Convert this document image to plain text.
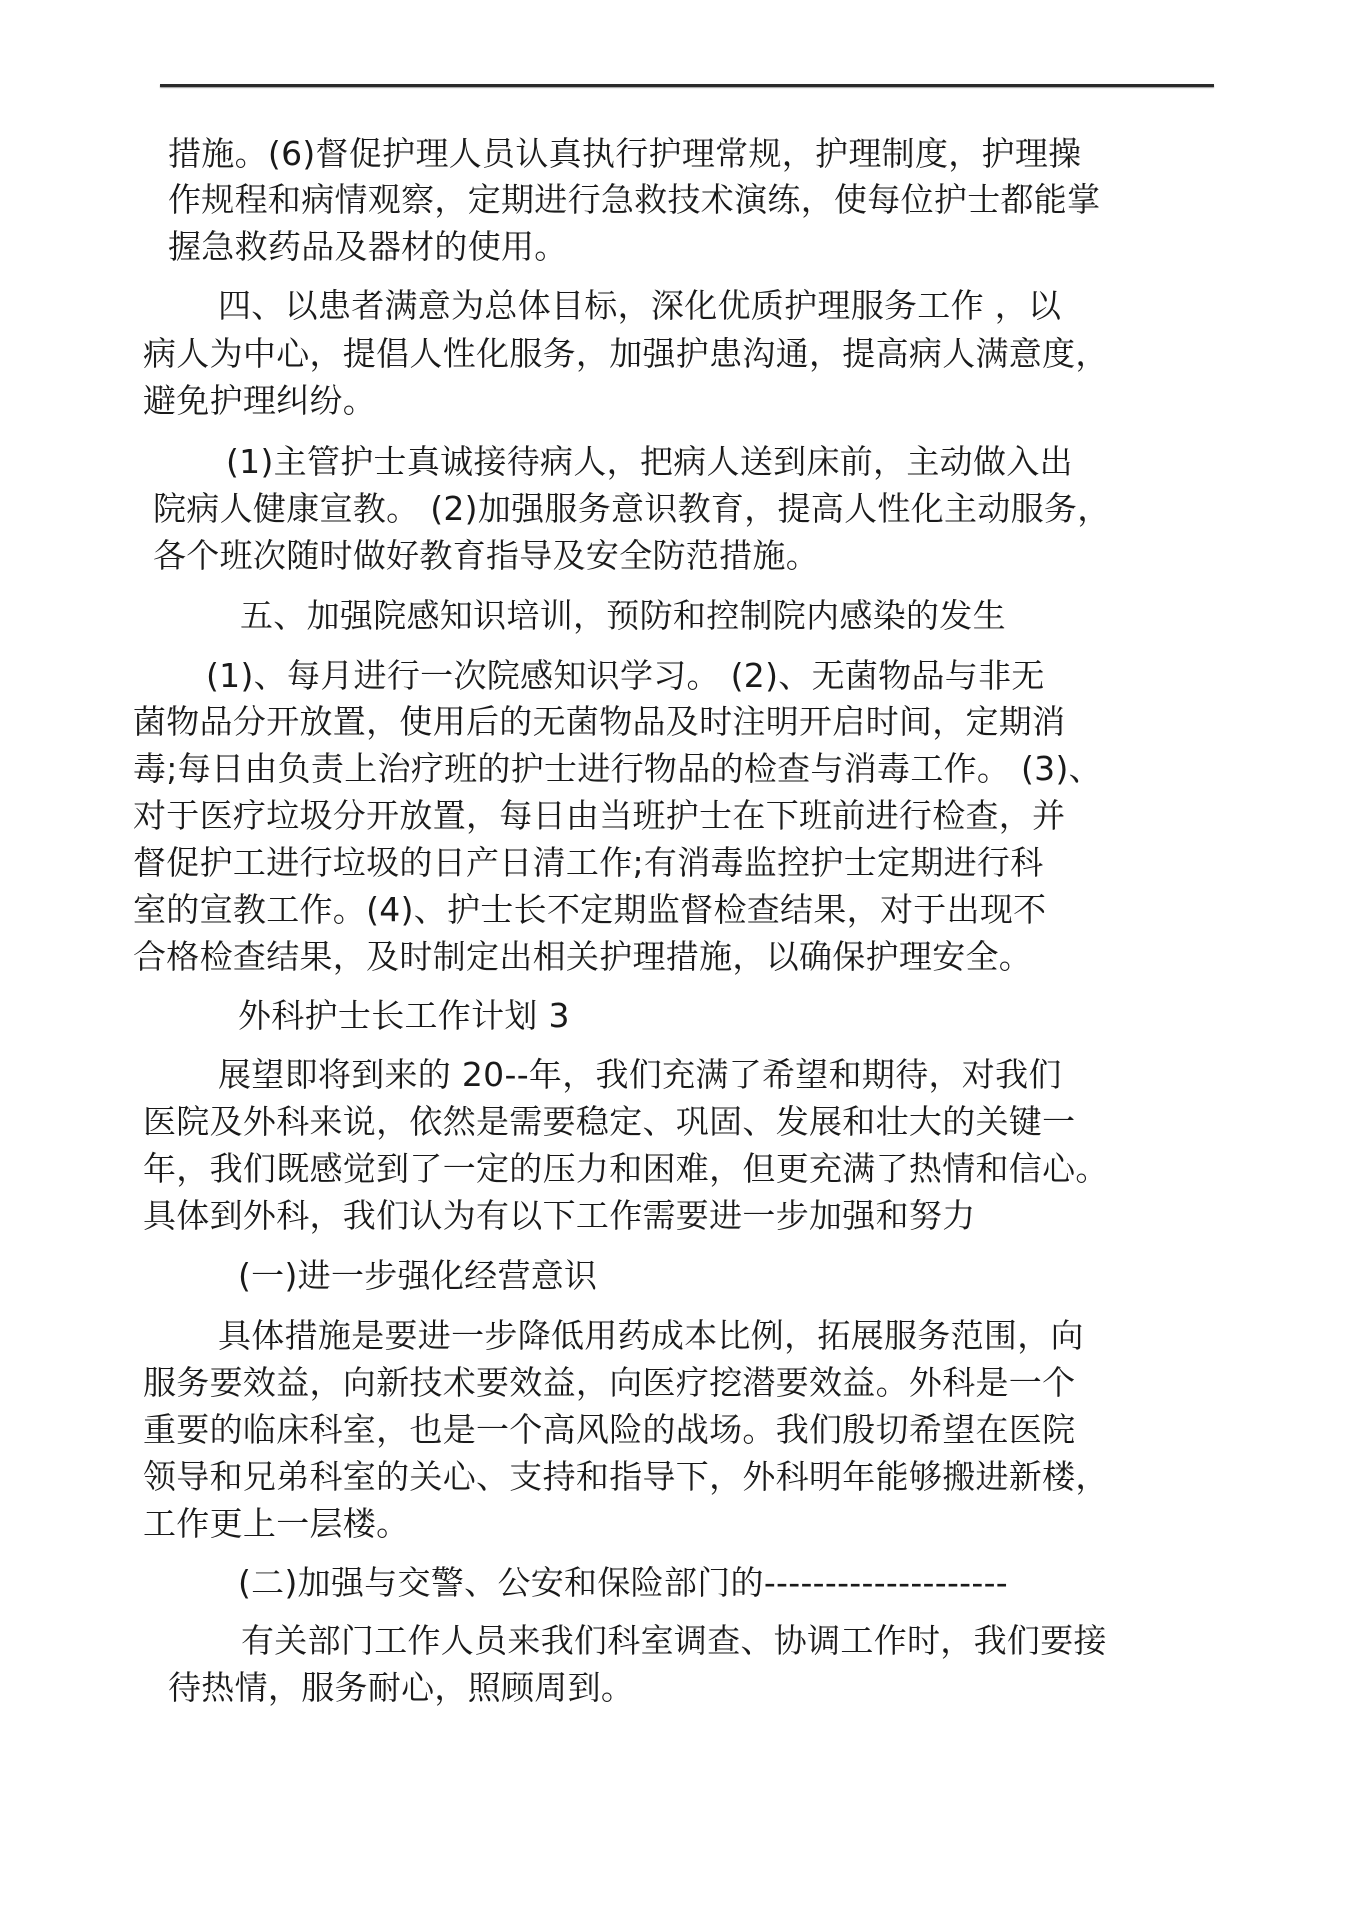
措施。(6)督促护理人员认真执行护理常规，护理制度，护理操
作规程和病情观察，定期进行急救技术演练，使每位护士都能掌
握急救药品及器材的使用。
四、以患者满意为总体目标，深化优质护理服务工作 ，以
病人为中心，提倡人性化服务，加强护患沟通，提高病人满意度，
避免护理纠纷。
(1)主管护士真诚接待病人，把病人送到床前，主动做入出
院病人健康宣教。 (2)加强服务意识教育，提高人性化主动服务，
各个班次随时做好教育指导及安全防范措施。
五、加强院感知识培训，预防和控制院内感染的发生
(1)、每月进行一次院感知识学习。 (2)、无菌物品与非无
菌物品分开放置，使用后的无菌物品及时注明开启时间，定期消
毒;每日由负责上治疗班的护士进行物品的检查与消毒工作。 (3)、
对于医疗垃圾分开放置，每日由当班护士在下班前进行检查，并
督促护工进行垃圾的日产日清工作;有消毒监控护士定期进行科
室的宣教工作。(4)、护士长不定期监督检查结果，对于出现不
合格检查结果，及时制定出相关护理措施，以确保护理安全。
外科护士长工作计划 3
展望即将到来的 20--年，我们充满了希望和期待，对我们
医院及外科来说，依然是需要稳定、巩固、发展和壮大的关键一
年，我们既感觉到了一定的压力和困难，但更充满了热情和信心。
具体到外科，我们认为有以下工作需要进一步加强和努力
(一)进一步强化经营意识
具体措施是要进一步降低用药成本比例，拓展服务范围，向
服务要效益，向新技术要效益，向医疗挖潜要效益。外科是一个
重要的临床科室，也是一个高风险的战场。我们殷切希望在医院
领导和兄弟科室的关心、支持和指导下，外科明年能够搬进新楼，
工作更上一层楼。
(二)加强与交警、公安和保险部门的--------------------
有关部门工作人员来我们科室调查、协调工作时，我们要接
待热情，服务耐心，照顾周到。
